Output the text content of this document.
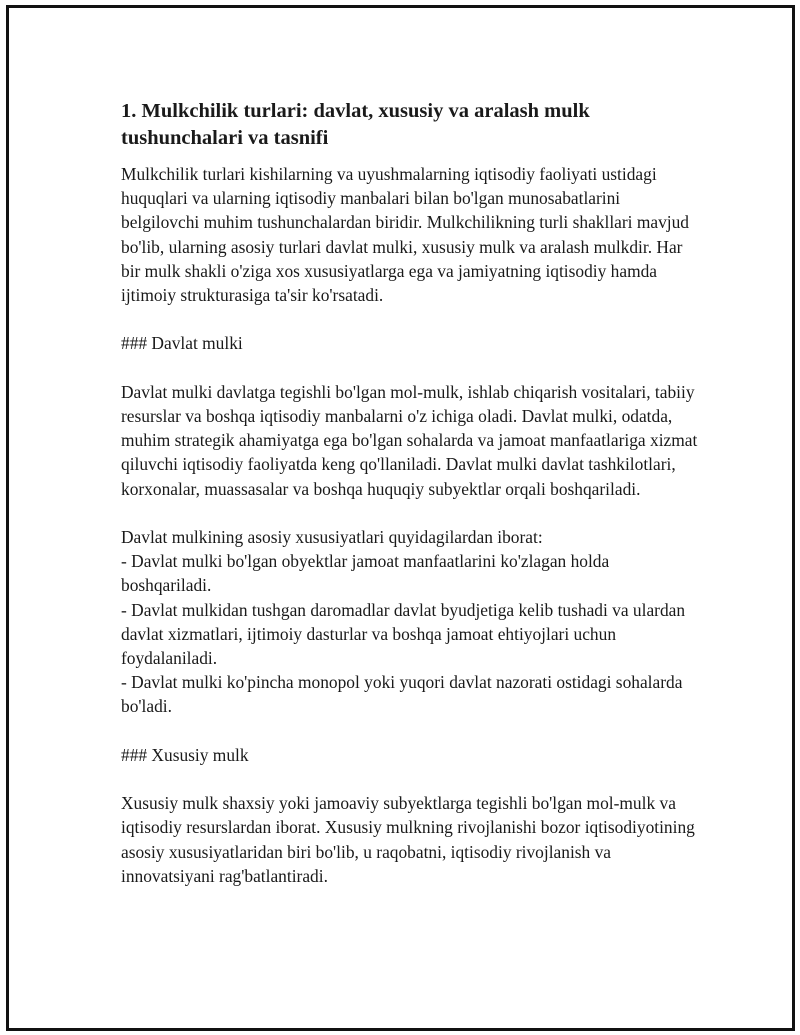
1. Mulkchilik turlari: davlat, xususiy va aralash mulk tushunchalari va tasnifi

Mulkchilik turlari kishilarning va uyushmalarning iqtisodiy faoliyati ustidagi huquqlari va ularning iqtisodiy manbalari bilan bo'lgan munosabatlarini belgilovchi muhim tushunchalardan biridir. Mulkchilikning turli shakllari mavjud bo'lib, ularning asosiy turlari davlat mulki, xususiy mulk va aralash mulkdir. Har bir mulk shakli o'ziga xos xususiyatlarga ega va jamiyatning iqtisodiy hamda ijtimoiy strukturasiga ta'sir ko'rsatadi.

### Davlat mulki

Davlat mulki davlatga tegishli bo'lgan mol-mulk, ishlab chiqarish vositalari, tabiiy resurslar va boshqa iqtisodiy manbalarni o'z ichiga oladi. Davlat mulki, odatda, muhim strategik ahamiyatga ega bo'lgan sohalarda va jamoat manfaatlariga xizmat qiluvchi iqtisodiy faoliyatda keng qo'llaniladi. Davlat mulki davlat tashkilotlari, korxonalar, muassasalar va boshqa huquqiy subyektlar orqali boshqariladi.

Davlat mulkining asosiy xususiyatlari quyidagilardan iborat:
- Davlat mulki bo'lgan obyektlar jamoat manfaatlarini ko'zlagan holda boshqariladi.
- Davlat mulkidan tushgan daromadlar davlat byudjetiga kelib tushadi va ulardan davlat xizmatlari, ijtimoiy dasturlar va boshqa jamoat ehtiyojlari uchun foydalaniladi.
- Davlat mulki ko'pincha monopol yoki yuqori davlat nazorati ostidagi sohalarda bo'ladi.

### Xususiy mulk

Xususiy mulk shaxsiy yoki jamoaviy subyektlarga tegishli bo'lgan mol-mulk va iqtisodiy resurslardan iborat. Xususiy mulkning rivojlanishi bozor iqtisodiyotining asosiy xususiyatlaridan biri bo'lib, u raqobatni, iqtisodiy rivojlanish va innovatsiyani rag'batlantiradi.
